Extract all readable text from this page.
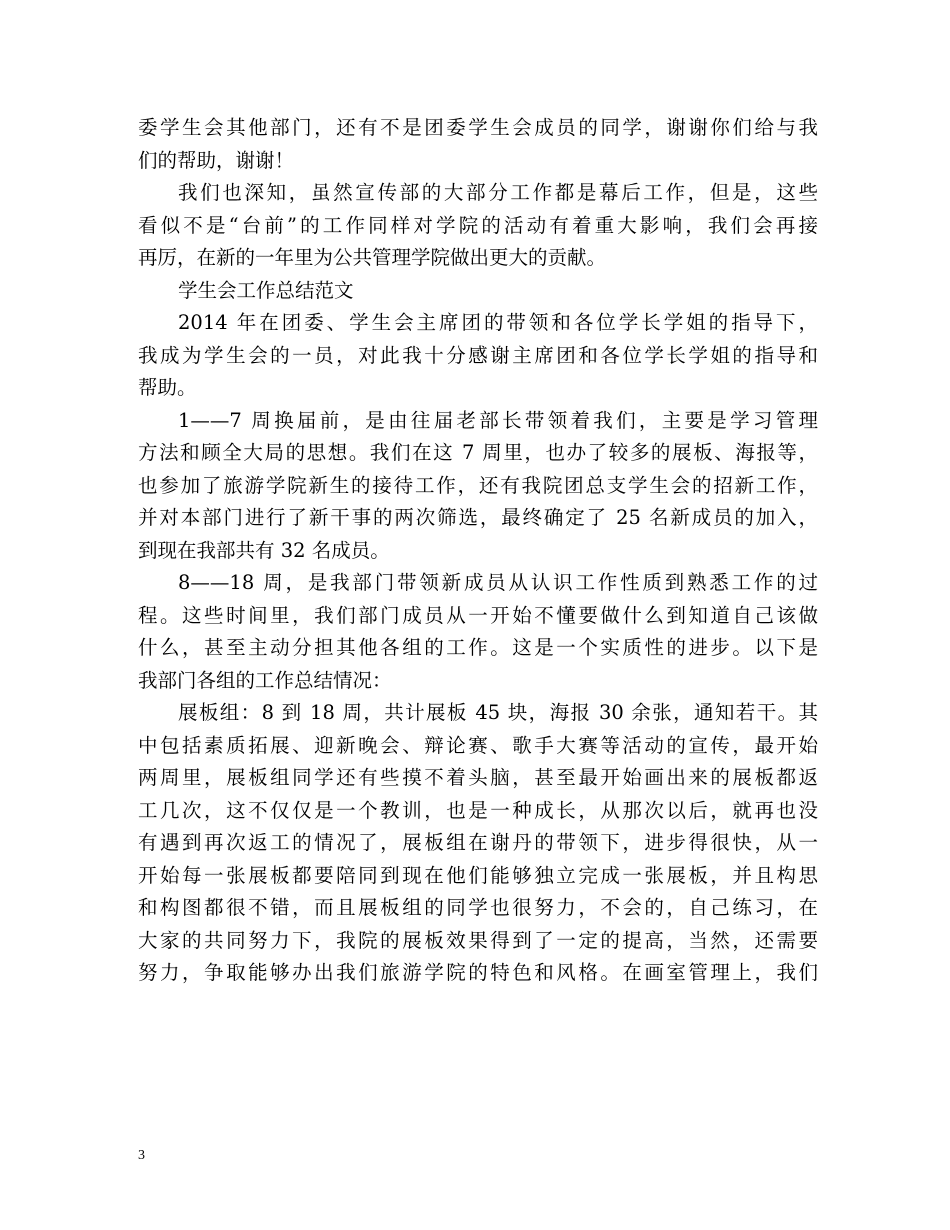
委学生会其他部门，还有不是团委学生会成员的同学，谢谢你们给与我
们的帮助，谢谢！
我们也深知，虽然宣传部的大部分工作都是幕后工作，但是，这些
看似不是“台前”的工作同样对学院的活动有着重大影响，我们会再接
再厉，在新的一年里为公共管理学院做出更大的贡献。
学生会工作总结范文
2014 年在团委、学生会主席团的带领和各位学长学姐的指导下，
我成为学生会的一员，对此我十分感谢主席团和各位学长学姐的指导和
帮助。
1——7 周换届前，是由往届老部长带领着我们，主要是学习管理
方法和顾全大局的思想。我们在这 7 周里，也办了较多的展板、海报等，
也参加了旅游学院新生的接待工作，还有我院团总支学生会的招新工作，
并对本部门进行了新干事的两次筛选，最终确定了 25 名新成员的加入，
到现在我部共有 32 名成员。
8——18 周，是我部门带领新成员从认识工作性质到熟悉工作的过
程。这些时间里，我们部门成员从一开始不懂要做什么到知道自己该做
什么，甚至主动分担其他各组的工作。这是一个实质性的进步。以下是
我部门各组的工作总结情况：
展板组：8 到 18 周，共计展板 45 块，海报 30 余张，通知若干。其
中包括素质拓展、迎新晚会、辩论赛、歌手大赛等活动的宣传，最开始
两周里，展板组同学还有些摸不着头脑，甚至最开始画出来的展板都返
工几次，这不仅仅是一个教训，也是一种成长，从那次以后，就再也没
有遇到再次返工的情况了，展板组在谢丹的带领下，进步得很快，从一
开始每一张展板都要陪同到现在他们能够独立完成一张展板，并且构思
和构图都很不错，而且展板组的同学也很努力，不会的，自己练习，在
大家的共同努力下，我院的展板效果得到了一定的提高，当然，还需要
努力，争取能够办出我们旅游学院的特色和风格。在画室管理上，我们
3
